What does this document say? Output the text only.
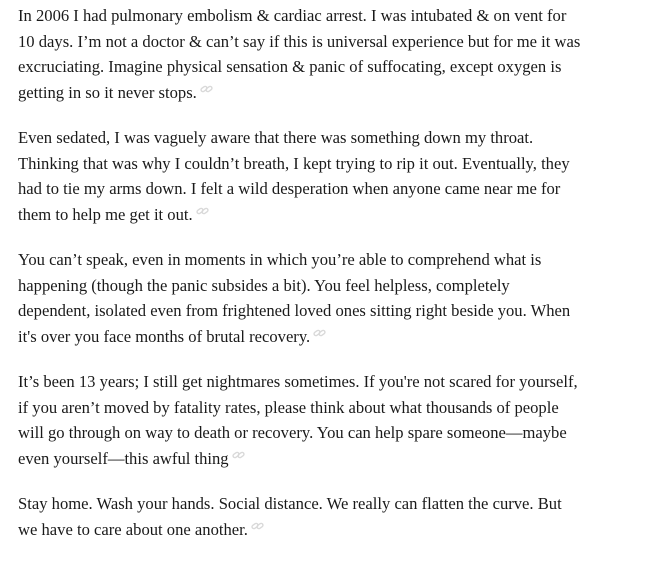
In 2006 I had pulmonary embolism & cardiac arrest. I was intubated & on vent for
10 days. I’m not a doctor & can’t say if this is universal experience but for me it was
excruciating. Imagine physical sensation & panic of suffocating, except oxygen is
getting in so it never stops.

Even sedated, I was vaguely aware that there was something down my throat.
Thinking that was why I couldn’t breath, I kept trying to rip it out. Eventually, they
had to tie my arms down. I felt a wild desperation when anyone came near me for
them to help me get it out.

You can’t speak, even in moments in which you’re able to comprehend what is
happening (though the panic subsides a bit). You feel helpless, completely
dependent, isolated even from frightened loved ones sitting right beside you. When
it's over you face months of brutal recovery.

It’s been 13 years; I still get nightmares sometimes. If you're not scared for yourself,
if you aren’t moved by fatality rates, please think about what thousands of people
will go through on way to death or recovery. You can help spare someone—maybe
even yourself—this awful thing

Stay home. Wash your hands. Social distance. We really can flatten the curve. But
we have to care about one another.
